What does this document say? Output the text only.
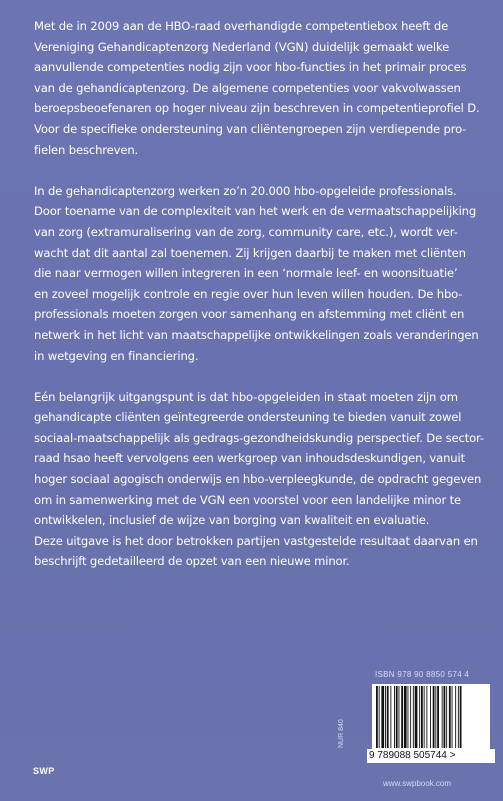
Met de in 2009 aan de HBO-raad overhandigde competentiebox heeft de
Vereniging Gehandicaptenzorg Nederland (VGN) duidelijk gemaakt welke
aanvullende competenties nodig zijn voor hbo-functies in het primair proces
van de gehandicaptenzorg. De algemene competenties voor vakvolwassen
beroepsbeoefenaren op hoger niveau zijn beschreven in competentieprofiel D.
Voor de specifieke ondersteuning van cliëntengroepen zijn verdiepende pro-
fielen beschreven.

In de gehandicaptenzorg werken zo’n 20.000 hbo-opgeleide professionals.
Door toename van de complexiteit van het werk en de vermaatschappelijking
van zorg (extramuralisering van de zorg, community care, etc.), wordt ver-
wacht dat dit aantal zal toenemen. Zij krijgen daarbij te maken met cliënten
die naar vermogen willen integreren in een ‘normale leef- en woonsituatie’
en zoveel mogelijk controle en regie over hun leven willen houden. De hbo-
professionals moeten zorgen voor samenhang en afstemming met cliënt en
netwerk in het licht van maatschappelijke ontwikkelingen zoals veranderingen
in wetgeving en financiering.

Eén belangrijk uitgangspunt is dat hbo-opgeleiden in staat moeten zijn om
gehandicapte cliënten geïntegreerde ondersteuning te bieden vanuit zowel
sociaal-maatschappelijk als gedrags-gezondheidskundig perspectief. De sector-
raad hsao heeft vervolgens een werkgroep van inhoudsdeskundigen, vanuit
hoger sociaal agogisch onderwijs en hbo-verpleegkunde, de opdracht gegeven
om in samenwerking met de VGN een voorstel voor een landelijke minor te
ontwikkelen, inclusief de wijze van borging van kwaliteit en evaluatie.
Deze uitgave is het door betrokken partijen vastgestelde resultaat daarvan en
beschrijft gedetailleerd de opzet van een nieuwe minor.

ISBN 978 90 8850 574 4
9 789088 505744 >
NUR 840
www.swpbook.com
SWP
